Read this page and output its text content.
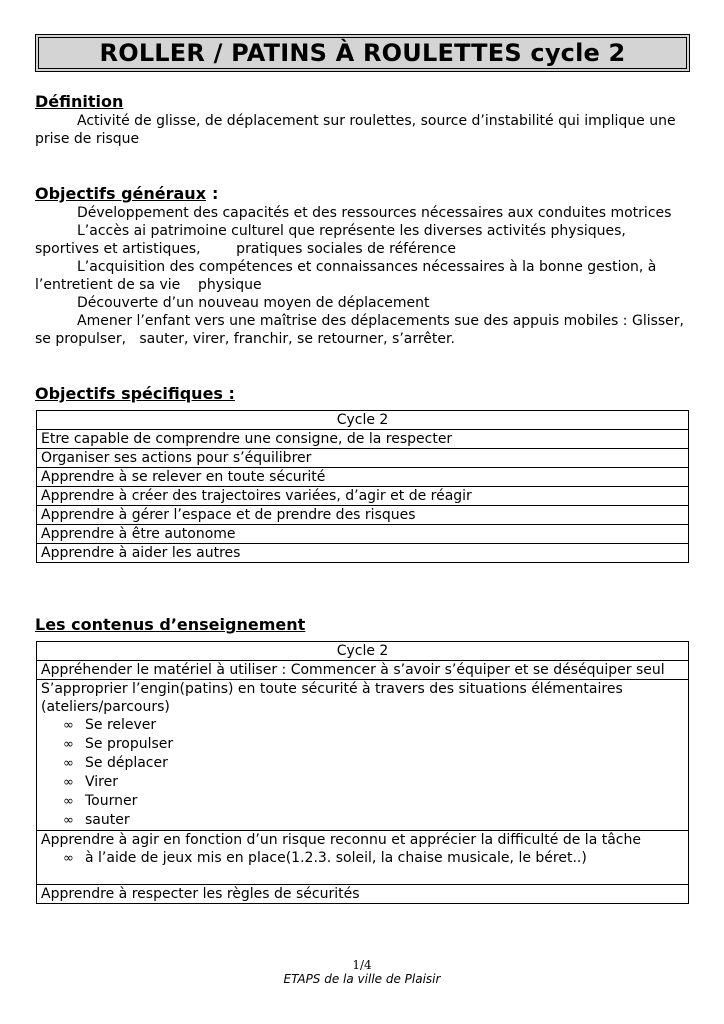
ROLLER / PATINS À ROULETTES cycle 2

Définition

Activité de glisse, de déplacement sur roulettes, source d’instabilité qui implique une prise de risque

Objectifs généraux :

Développement des capacités et des ressources nécessaires aux conduites motrices

L’accès ai patrimoine culturel que représente les diverses activités physiques, sportives et artistiques,        pratiques sociales de référence

L’acquisition des compétences et connaissances nécessaires à la bonne gestion, à l’entretient de sa vie    physique

Découverte d’un nouveau moyen de déplacement

Amener l’enfant vers une maîtrise des déplacements sue des appuis mobiles : Glisser, se propulser,   sauter, virer, franchir, se retourner, s’arrêter.

Objectifs spécifiques :

Cycle 2
Etre capable de comprendre une consigne, de la respecter
Organiser ses actions pour s’équilibrer
Apprendre à se relever en toute sécurité
Apprendre à créer des trajectoires variées, d’agir et de réagir
Apprendre à gérer l’espace et de prendre des risques
Apprendre à être autonome
Apprendre à aider les autres

Les contenus d’enseignement

Cycle 2
Appréhender le matériel à utiliser : Commencer à s’avoir s’équiper et se déséquiper seul

S’approprier l’engin(patins) en toute sécurité à travers des situations élémentaires (ateliers/parcours)
∞ Se relever
∞ Se propulser
∞ Se déplacer
∞ Virer
∞ Tourner
∞ sauter

Apprendre à agir en fonction d’un risque reconnu et apprécier la difficulté de la tâche
∞ à l’aide de jeux mis en place(1.2.3. soleil, la chaise musicale, le béret..)

Apprendre à respecter les règles de sécurités
1/4
ETAPS de la ville de Plaisir
